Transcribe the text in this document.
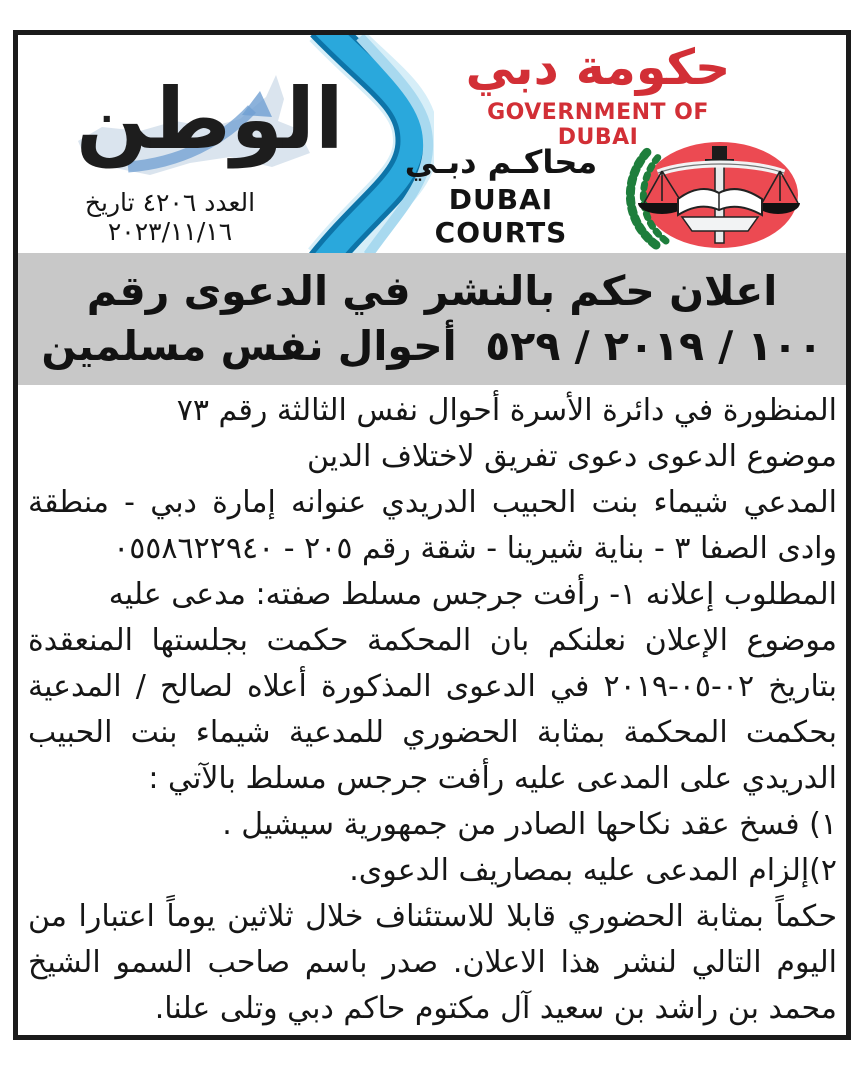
الوطن
العدد ٤٢٠٦ تاريخ ٢٠٢٣/١١/١٦
حكومة دبي
GOVERNMENT OF DUBAI
محاكـم دبـي
DUBAI COURTS
اعلان حكم بالنشر في الدعوى رقم
١٠٠ / ٢٠١٩ / ٥٢٩  أحوال نفس مسلمين

المنظورة في دائرة الأسرة أحوال نفس الثالثة رقم ٧٣

موضوع الدعوى دعوى تفريق لاختلاف الدين

المدعي شيماء بنت الحبيب الدريدي عنوانه إمارة دبي - منطقة وادى الصفا ٣ - بناية شيرينا - شقة رقم ٢٠٥ - ٠٥٥٨٦٢٢٩٤٠

المطلوب إعلانه ١- رأفت جرجس مسلط صفته: مدعى عليه

موضوع الإعلان نعلنكم بان المحكمة حكمت بجلستها المنعقدة بتاريخ ٠٢-٠٥-٢٠١٩ في الدعوى المذكورة أعلاه لصالح / المدعية بحكمت المحكمة بمثابة الحضوري للمدعية شيماء بنت الحبيب الدريدي على المدعى عليه رأفت جرجس مسلط بالآتي :

١) فسخ عقد نكاحها الصادر من جمهورية سيشيل .

٢)إلزام المدعى عليه بمصاريف الدعوى.

حكماً بمثابة الحضوري قابلا للاستئناف خلال ثلاثين يوماً اعتبارا من اليوم التالي لنشر هذا الاعلان. صدر باسم صاحب السمو الشيخ محمد بن راشد بن سعيد آل مكتوم حاكم دبي وتلى علنا.
